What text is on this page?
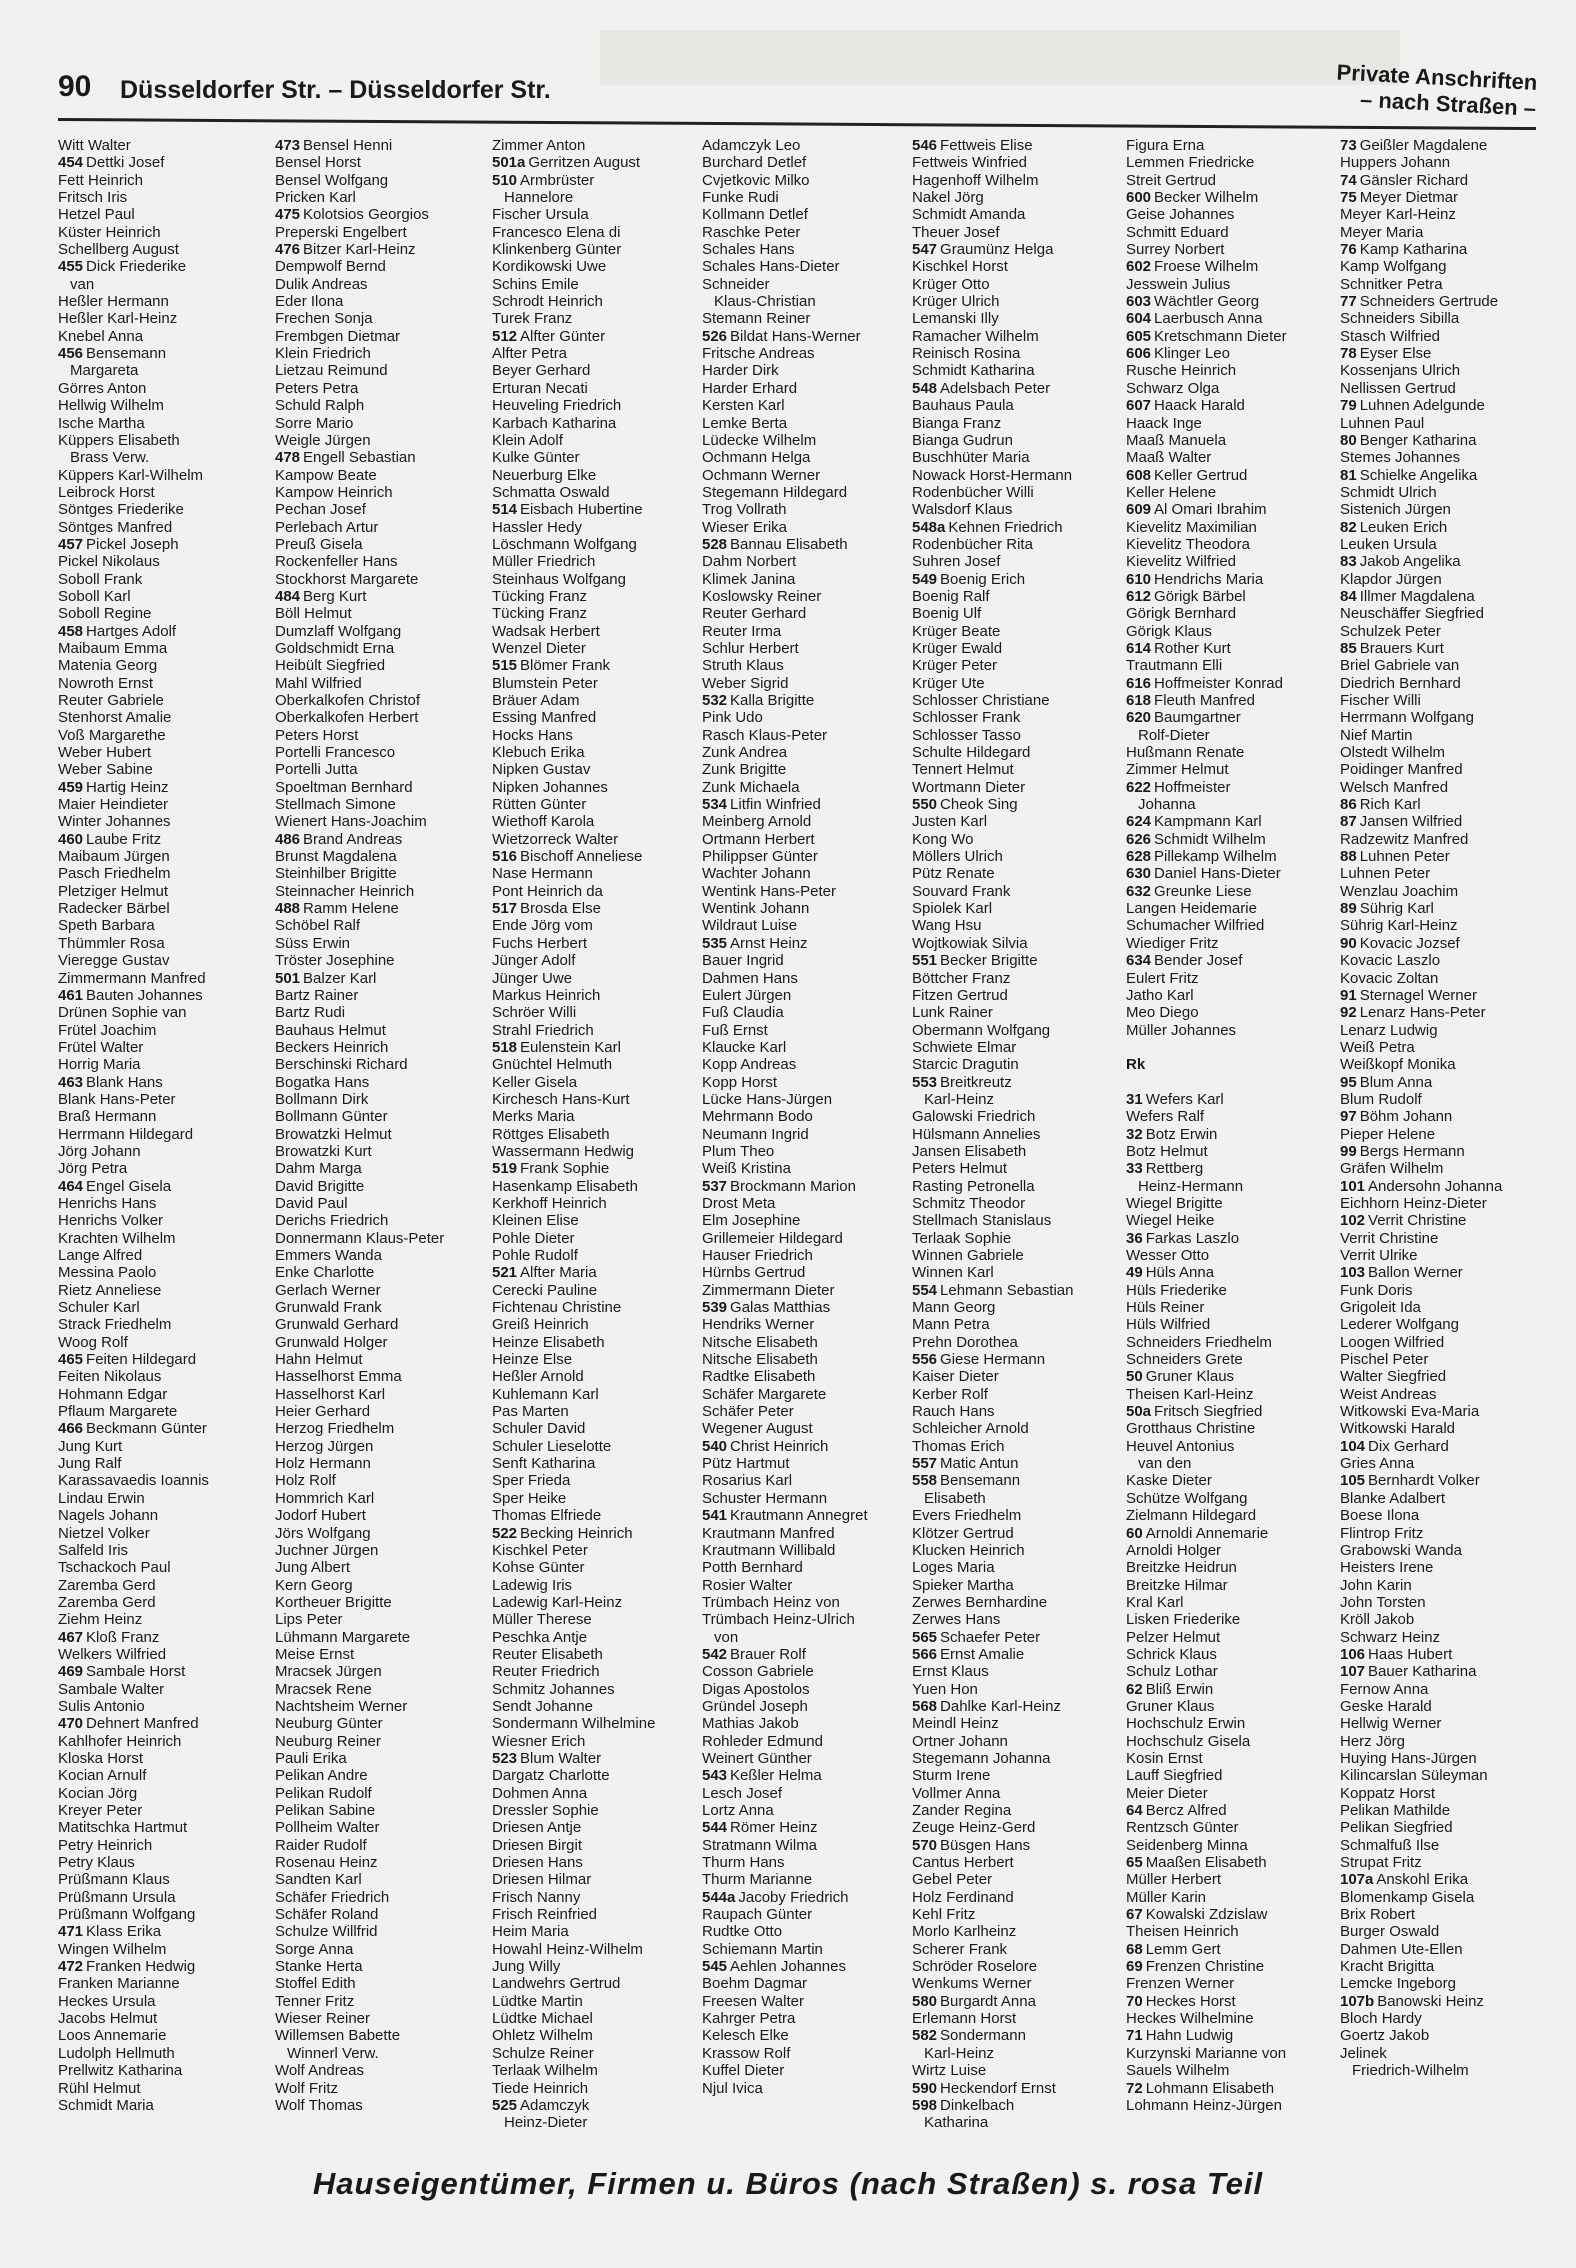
90 Düsseldorfer Str. – Düsseldorfer Str.	Private Anschriften
– nach Straßen –
Witt Walter
454 Dettki Josef
Fett Heinrich
Fritsch Iris
Hetzel Paul
Küster Heinrich
Schellberg August
455 Dick Friederike
van
Heßler Hermann
Heßler Karl-Heinz
Knebel Anna
456 Bensemann
Margareta
Görres Anton
Hellwig Wilhelm
Ische Martha
Küppers Elisabeth
Brass Verw.
Küppers Karl-Wilhelm
Leibrock Horst
Söntges Friederike
Söntges Manfred
457 Pickel Joseph
Pickel Nikolaus
Soboll Frank
Soboll Karl
Soboll Regine
458 Hartges Adolf
Maibaum Emma
Matenia Georg
Nowroth Ernst
Reuter Gabriele
Stenhorst Amalie
Voß Margarethe
Weber Hubert
Weber Sabine
459 Hartig Heinz
Maier Heindieter
Winter Johannes
460 Laube Fritz
Maibaum Jürgen
Pasch Friedhelm
Pletziger Helmut
Radecker Bärbel
Speth Barbara
Thümmler Rosa
Vieregge Gustav
Zimmermann Manfred
461 Bauten Johannes
Drünen Sophie van
Frütel Joachim
Frütel Walter
Horrig Maria
463 Blank Hans
Blank Hans-Peter
Braß Hermann
Herrmann Hildegard
Jörg Johann
Jörg Petra
464 Engel Gisela
Henrichs Hans
Henrichs Volker
Krachten Wilhelm
Lange Alfred
Messina Paolo
Rietz Anneliese
Schuler Karl
Strack Friedhelm
Woog Rolf
465 Feiten Hildegard
Feiten Nikolaus
Hohmann Edgar
Pflaum Margarete
466 Beckmann Günter
Jung Kurt
Jung Ralf
Karassavaedis Ioannis
Lindau Erwin
Nagels Johann
Nietzel Volker
Salfeld Iris
Tschackoch Paul
Zaremba Gerd
Zaremba Gerd
Ziehm Heinz
467 Kloß Franz
Welkers Wilfried
469 Sambale Horst
Sambale Walter
Sulis Antonio
470 Dehnert Manfred
Kahlhofer Heinrich
Kloska Horst
Kocian Arnulf
Kocian Jörg
Kreyer Peter
Matitschka Hartmut
Petry Heinrich
Petry Klaus
Prüßmann Klaus
Prüßmann Ursula
Prüßmann Wolfgang
471 Klass Erika
Wingen Wilhelm
472 Franken Hedwig
Franken Marianne
Heckes Ursula
Jacobs Helmut
Loos Annemarie
Ludolph Hellmuth
Prellwitz Katharina
Rühl Helmut
Schmidt Maria
473 Bensel Henni
Bensel Horst
Bensel Wolfgang
Pricken Karl
475 Kolotsios Georgios
Preperski Engelbert
476 Bitzer Karl-Heinz
Dempwolf Bernd
Dulik Andreas
Eder Ilona
Frechen Sonja
Frembgen Dietmar
Klein Friedrich
Lietzau Reimund
Peters Petra
Schuld Ralph
Sorre Mario
Weigle Jürgen
478 Engell Sebastian
Kampow Beate
Kampow Heinrich
Pechan Josef
Perlebach Artur
Preuß Gisela
Rockenfeller Hans
Stockhorst Margarete
484 Berg Kurt
Böll Helmut
Dumzlaff Wolfgang
Goldschmidt Erna
Heibült Siegfried
Mahl Wilfried
Oberkalkofen Christof
Oberkalkofen Herbert
Peters Horst
Portelli Francesco
Portelli Jutta
Spoeltman Bernhard
Stellmach Simone
Wienert Hans-Joachim
486 Brand Andreas
Brunst Magdalena
Steinhilber Brigitte
Steinnacher Heinrich
488 Ramm Helene
Schöbel Ralf
Süss Erwin
Tröster Josephine
501 Balzer Karl
Bartz Rainer
Bartz Rudi
Bauhaus Helmut
Beckers Heinrich
Berschinski Richard
Bogatka Hans
Bollmann Dirk
Bollmann Günter
Browatzki Helmut
Browatzki Kurt
Dahm Marga
David Brigitte
David Paul
Derichs Friedrich
Donnermann Klaus-Peter
Emmers Wanda
Enke Charlotte
Gerlach Werner
Grunwald Frank
Grunwald Gerhard
Grunwald Holger
Hahn Helmut
Hasselhorst Emma
Hasselhorst Karl
Heier Gerhard
Herzog Friedhelm
Herzog Jürgen
Holz Hermann
Holz Rolf
Hommrich Karl
Jodorf Hubert
Jörs Wolfgang
Juchner Jürgen
Jung Albert
Kern Georg
Kortheuer Brigitte
Lips Peter
Lühmann Margarete
Meise Ernst
Mracsek Jürgen
Mracsek Rene
Nachtsheim Werner
Neuburg Günter
Neuburg Reiner
Pauli Erika
Pelikan Andre
Pelikan Rudolf
Pelikan Sabine
Pollheim Walter
Raider Rudolf
Rosenau Heinz
Sandten Karl
Schäfer Friedrich
Schäfer Roland
Schulze Willfrid
Sorge Anna
Stanke Herta
Stoffel Edith
Tenner Fritz
Wieser Reiner
Willemsen Babette
Winnerl Verw.
Wolf Andreas
Wolf Fritz
Wolf Thomas
Zimmer Anton
501a Gerritzen August
510 Armbrüster
Hannelore
Fischer Ursula
Francesco Elena di
Klinkenberg Günter
Kordikowski Uwe
Schins Emile
Schrodt Heinrich
Turek Franz
512 Alfter Günter
Alfter Petra
Beyer Gerhard
Erturan Necati
Heuveling Friedrich
Karbach Katharina
Klein Adolf
Kulke Günter
Neuerburg Elke
Schmatta Oswald
514 Eisbach Hubertine
Hassler Hedy
Löschmann Wolfgang
Müller Friedrich
Steinhaus Wolfgang
Tücking Franz
Tücking Franz
Wadsak Herbert
Wenzel Dieter
515 Blömer Frank
Blumstein Peter
Bräuer Adam
Essing Manfred
Hocks Hans
Klebuch Erika
Nipken Gustav
Nipken Johannes
Rütten Günter
Wiethoff Karola
Wietzorreck Walter
516 Bischoff Anneliese
Nase Hermann
Pont Heinrich da
517 Brosda Else
Ende Jörg vom
Fuchs Herbert
Jünger Adolf
Jünger Uwe
Markus Heinrich
Schröer Willi
Strahl Friedrich
518 Eulenstein Karl
Gnüchtel Helmuth
Keller Gisela
Kirchesch Hans-Kurt
Merks Maria
Röttges Elisabeth
Wassermann Hedwig
519 Frank Sophie
Hasenkamp Elisabeth
Kerkhoff Heinrich
Kleinen Elise
Pohle Dieter
Pohle Rudolf
521 Alfter Maria
Cerecki Pauline
Fichtenau Christine
Greiß Heinrich
Heinze Elisabeth
Heinze Else
Heßler Arnold
Kuhlemann Karl
Pas Marten
Schuler David
Schuler Lieselotte
Senft Katharina
Sper Frieda
Sper Heike
Thomas Elfriede
522 Becking Heinrich
Kischkel Peter
Kohse Günter
Ladewig Iris
Ladewig Karl-Heinz
Müller Therese
Peschka Antje
Reuter Elisabeth
Reuter Friedrich
Schmitz Johannes
Sendt Johanne
Sondermann Wilhelmine
Wiesner Erich
523 Blum Walter
Dargatz Charlotte
Dohmen Anna
Dressler Sophie
Driesen Antje
Driesen Birgit
Driesen Hans
Driesen Hilmar
Frisch Nanny
Frisch Reinfried
Heim Maria
Howahl Heinz-Wilhelm
Jung Willy
Landwehrs Gertrud
Lüdtke Martin
Lüdtke Michael
Ohletz Wilhelm
Schulze Reiner
Terlaak Wilhelm
Tiede Heinrich
525 Adamczyk
Heinz-Dieter
Adamczyk Leo
Burchard Detlef
Cvjetkovic Milko
Funke Rudi
Kollmann Detlef
Raschke Peter
Schales Hans
Schales Hans-Dieter
Schneider
Klaus-Christian
Stemann Reiner
526 Bildat Hans-Werner
Fritsche Andreas
Harder Dirk
Harder Erhard
Kersten Karl
Lemke Berta
Lüdecke Wilhelm
Ochmann Helga
Ochmann Werner
Stegemann Hildegard
Trog Vollrath
Wieser Erika
528 Bannau Elisabeth
Dahm Norbert
Klimek Janina
Koslowsky Reiner
Reuter Gerhard
Reuter Irma
Schlur Herbert
Struth Klaus
Weber Sigrid
532 Kalla Brigitte
Pink Udo
Rasch Klaus-Peter
Zunk Andrea
Zunk Brigitte
Zunk Michaela
534 Litfin Winfried
Meinberg Arnold
Ortmann Herbert
Philippser Günter
Wachter Johann
Wentink Hans-Peter
Wentink Johann
Wildraut Luise
535 Arnst Heinz
Bauer Ingrid
Dahmen Hans
Eulert Jürgen
Fuß Claudia
Fuß Ernst
Klaucke Karl
Kopp Andreas
Kopp Horst
Lücke Hans-Jürgen
Mehrmann Bodo
Neumann Ingrid
Plum Theo
Weiß Kristina
537 Brockmann Marion
Drost Meta
Elm Josephine
Grillemeier Hildegard
Hauser Friedrich
Hürnbs Gertrud
Zimmermann Dieter
539 Galas Matthias
Hendriks Werner
Nitsche Elisabeth
Nitsche Elisabeth
Radtke Elisabeth
Schäfer Margarete
Schäfer Peter
Wegener August
540 Christ Heinrich
Pütz Hartmut
Rosarius Karl
Schuster Hermann
541 Krautmann Annegret
Krautmann Manfred
Krautmann Willibald
Potth Bernhard
Rosier Walter
Trümbach Heinz von
Trümbach Heinz-Ulrich
von
542 Brauer Rolf
Cosson Gabriele
Digas Apostolos
Gründel Joseph
Mathias Jakob
Rohleder Edmund
Weinert Günther
543 Keßler Helma
Lesch Josef
Lortz Anna
544 Römer Heinz
Stratmann Wilma
Thurm Hans
Thurm Marianne
544a Jacoby Friedrich
Raupach Günter
Rudtke Otto
Schiemann Martin
545 Aehlen Johannes
Boehm Dagmar
Freesen Walter
Kahrger Petra
Kelesch Elke
Krassow Rolf
Kuffel Dieter
Njul Ivica
546 Fettweis Elise
Fettweis Winfried
Hagenhoff Wilhelm
Nakel Jörg
Schmidt Amanda
Theuer Josef
547 Graumünz Helga
Kischkel Horst
Krüger Otto
Krüger Ulrich
Lemanski Illy
Ramacher Wilhelm
Reinisch Rosina
Schmidt Katharina
548 Adelsbach Peter
Bauhaus Paula
Bianga Franz
Bianga Gudrun
Buschhüter Maria
Nowack Horst-Hermann
Rodenbücher Willi
Walsdorf Klaus
548a Kehnen Friedrich
Rodenbücher Rita
Suhren Josef
549 Boenig Erich
Boenig Ralf
Boenig Ulf
Krüger Beate
Krüger Ewald
Krüger Peter
Krüger Ute
Schlosser Christiane
Schlosser Frank
Schlosser Tasso
Schulte Hildegard
Tennert Helmut
Wortmann Dieter
550 Cheok Sing
Justen Karl
Kong Wo
Möllers Ulrich
Pütz Renate
Souvard Frank
Spiolek Karl
Wang Hsu
Wojtkowiak Silvia
551 Becker Brigitte
Böttcher Franz
Fitzen Gertrud
Lunk Rainer
Obermann Wolfgang
Schwiete Elmar
Starcic Dragutin
553 Breitkreutz
Karl-Heinz
Galowski Friedrich
Hülsmann Annelies
Jansen Elisabeth
Peters Helmut
Rasting Petronella
Schmitz Theodor
Stellmach Stanislaus
Terlaak Sophie
Winnen Gabriele
Winnen Karl
554 Lehmann Sebastian
Mann Georg
Mann Petra
Prehn Dorothea
556 Giese Hermann
Kaiser Dieter
Kerber Rolf
Rauch Hans
Schleicher Arnold
Thomas Erich
557 Matic Antun
558 Bensemann
Elisabeth
Evers Friedhelm
Klötzer Gertrud
Klucken Heinrich
Loges Maria
Spieker Martha
Zerwes Bernhardine
Zerwes Hans
565 Schaefer Peter
566 Ernst Amalie
Ernst Klaus
Yuen Hon
568 Dahlke Karl-Heinz
Meindl Heinz
Ortner Johann
Stegemann Johanna
Sturm Irene
Vollmer Anna
Zander Regina
Zeuge Heinz-Gerd
570 Büsgen Hans
Cantus Herbert
Gebel Peter
Holz Ferdinand
Kehl Fritz
Morlo Karlheinz
Scherer Frank
Schröder Roselore
Wenkums Werner
580 Burgardt Anna
Erlemann Horst
582 Sondermann
Karl-Heinz
Wirtz Luise
590 Heckendorf Ernst
598 Dinkelbach
Katharina
Figura Erna
Lemmen Friedricke
Streit Gertrud
600 Becker Wilhelm
Geise Johannes
Schmitt Eduard
Surrey Norbert
602 Froese Wilhelm
Jesswein Julius
603 Wächtler Georg
604 Laerbusch Anna
605 Kretschmann Dieter
606 Klinger Leo
Rusche Heinrich
Schwarz Olga
607 Haack Harald
Haack Inge
Maaß Manuela
Maaß Walter
608 Keller Gertrud
Keller Helene
609 Al Omari Ibrahim
Kievelitz Maximilian
Kievelitz Theodora
Kievelitz Wilfried
610 Hendrichs Maria
612 Görigk Bärbel
Görigk Bernhard
Görigk Klaus
614 Rother Kurt
Trautmann Elli
616 Hoffmeister Konrad
618 Fleuth Manfred
620 Baumgartner
Rolf-Dieter
Hußmann Renate
Zimmer Helmut
622 Hoffmeister
Johanna
624 Kampmann Karl
626 Schmidt Wilhelm
628 Pillekamp Wilhelm
630 Daniel Hans-Dieter
632 Greunke Liese
Langen Heidemarie
Schumacher Wilfried
Wiediger Fritz
634 Bender Josef
Eulert Fritz
Jatho Karl
Meo Diego
Müller Johannes

Rk

31 Wefers Karl
Wefers Ralf
32 Botz Erwin
Botz Helmut
33 Rettberg
Heinz-Hermann
Wiegel Brigitte
Wiegel Heike
36 Farkas Laszlo
Wesser Otto
49 Hüls Anna
Hüls Friederike
Hüls Reiner
Hüls Wilfried
Schneiders Friedhelm
Schneiders Grete
50 Gruner Klaus
Theisen Karl-Heinz
50a Fritsch Siegfried
Grotthaus Christine
Heuvel Antonius
van den
Kaske Dieter
Schütze Wolfgang
Zielmann Hildegard
60 Arnoldi Annemarie
Arnoldi Holger
Breitzke Heidrun
Breitzke Hilmar
Kral Karl
Lisken Friederike
Pelzer Helmut
Schrick Klaus
Schulz Lothar
62 Bliß Erwin
Gruner Klaus
Hochschulz Erwin
Hochschulz Gisela
Kosin Ernst
Lauff Siegfried
Meier Dieter
64 Bercz Alfred
Rentzsch Günter
Seidenberg Minna
65 Maaßen Elisabeth
Müller Herbert
Müller Karin
67 Kowalski Zdzislaw
Theisen Heinrich
68 Lemm Gert
69 Frenzen Christine
Frenzen Werner
70 Heckes Horst
Heckes Wilhelmine
71 Hahn Ludwig
Kurzynski Marianne von
Sauels Wilhelm
72 Lohmann Elisabeth
Lohmann Heinz-Jürgen
73 Geißler Magdalene
Huppers Johann
74 Gänsler Richard
75 Meyer Dietmar
Meyer Karl-Heinz
Meyer Maria
76 Kamp Katharina
Kamp Wolfgang
Schnitker Petra
77 Schneiders Gertrude
Schneiders Sibilla
Stasch Wilfried
78 Eyser Else
Kossenjans Ulrich
Nellissen Gertrud
79 Luhnen Adelgunde
Luhnen Paul
80 Benger Katharina
Stemes Johannes
81 Schielke Angelika
Schmidt Ulrich
Sistenich Jürgen
82 Leuken Erich
Leuken Ursula
83 Jakob Angelika
Klapdor Jürgen
84 Illmer Magdalena
Neuschäffer Siegfried
Schulzek Peter
85 Brauers Kurt
Briel Gabriele van
Diedrich Bernhard
Fischer Willi
Herrmann Wolfgang
Nief Martin
Olstedt Wilhelm
Poidinger Manfred
Welsch Manfred
86 Rich Karl
87 Jansen Wilfried
Radzewitz Manfred
88 Luhnen Peter
Luhnen Peter
Wenzlau Joachim
89 Sührig Karl
Sührig Karl-Heinz
90 Kovacic Jozsef
Kovacic Laszlo
Kovacic Zoltan
91 Sternagel Werner
92 Lenarz Hans-Peter
Lenarz Ludwig
Weiß Petra
Weißkopf Monika
95 Blum Anna
Blum Rudolf
97 Böhm Johann
Pieper Helene
99 Bergs Hermann
Gräfen Wilhelm
101 Andersohn Johanna
Eichhorn Heinz-Dieter
102 Verrit Christine
Verrit Christine
Verrit Ulrike
103 Ballon Werner
Funk Doris
Grigoleit Ida
Lederer Wolfgang
Loogen Wilfried
Pischel Peter
Walter Siegfried
Weist Andreas
Witkowski Eva-Maria
Witkowski Harald
104 Dix Gerhard
Gries Anna
105 Bernhardt Volker
Blanke Adalbert
Boese Ilona
Flintrop Fritz
Grabowski Wanda
Heisters Irene
John Karin
John Torsten
Kröll Jakob
Schwarz Heinz
106 Haas Hubert
107 Bauer Katharina
Fernow Anna
Geske Harald
Hellwig Werner
Herz Jörg
Huying Hans-Jürgen
Kilincarslan Süleyman
Koppatz Horst
Pelikan Mathilde
Pelikan Siegfried
Schmalfuß Ilse
Strupat Fritz
107a Anskohl Erika
Blomenkamp Gisela
Brix Robert
Burger Oswald
Dahmen Ute-Ellen
Kracht Brigitta
Lemcke Ingeborg
107b Banowski Heinz
Bloch Hardy
Goertz Jakob
Jelinek
Friedrich-Wilhelm
Hauseigentümer, Firmen u. Büros (nach Straßen) s. rosa Teil
